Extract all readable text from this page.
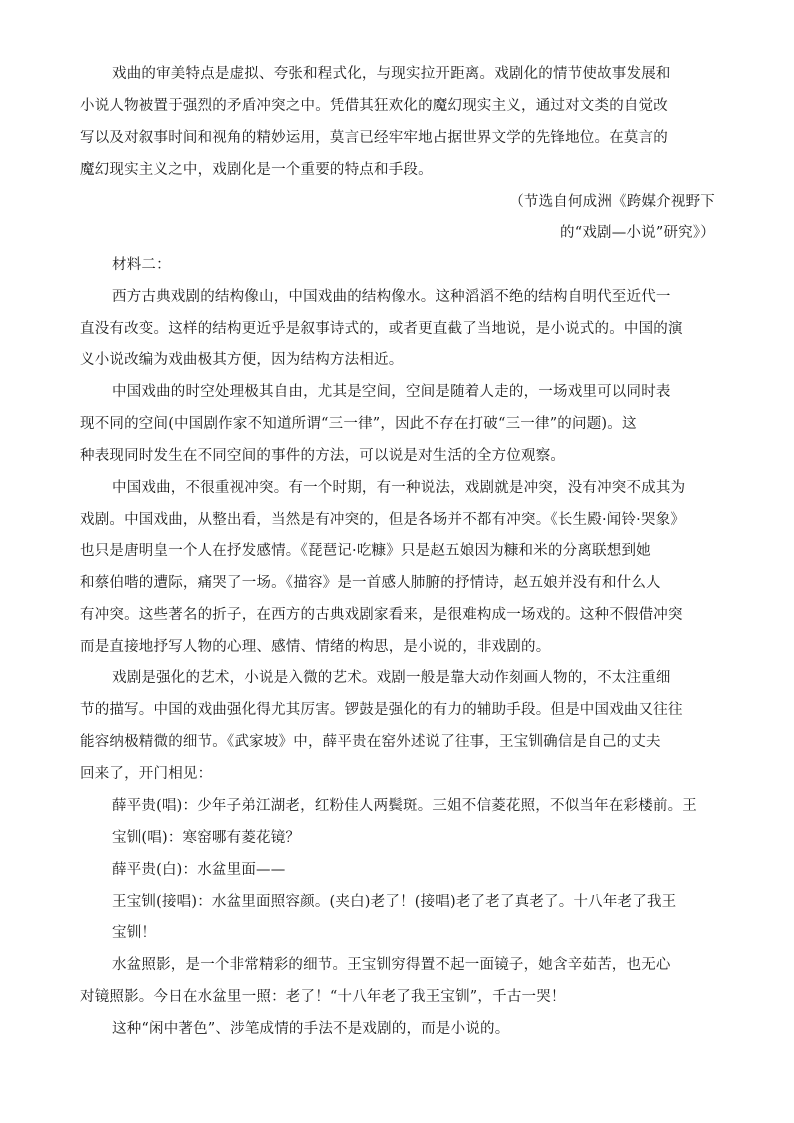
戏曲的审美特点是虚拟、夸张和程式化，与现实拉开距离。戏剧化的情节使故事发展和

小说人物被置于强烈的矛盾冲突之中。凭借其狂欢化的魔幻现实主义，通过对文类的自觉改

写以及对叙事时间和视角的精妙运用，莫言已经牢牢地占据世界文学的先锋地位。在莫言的

魔幻现实主义之中，戏剧化是一个重要的特点和手段。

（节选自何成洲《跨媒介视野下

的“戏剧—小说”研究》）

材料二：

西方古典戏剧的结构像山，中国戏曲的结构像水。这种滔滔不绝的结构自明代至近代一

直没有改变。这样的结构更近乎是叙事诗式的，或者更直截了当地说，是小说式的。中国的演

义小说改编为戏曲极其方便，因为结构方法相近。

中国戏曲的时空处理极其自由，尤其是空间，空间是随着人走的，一场戏里可以同时表

现不同的空间(中国剧作家不知道所谓“三一律”，因此不存在打破“三一律”的问题)。这

种表现同时发生在不同空间的事件的方法，可以说是对生活的全方位观察。

中国戏曲，不很重视冲突。有一个时期，有一种说法，戏剧就是冲突，没有冲突不成其为

戏剧。中国戏曲，从整出看，当然是有冲突的，但是各场并不都有冲突。《长生殿·闻铃·哭象》

也只是唐明皇一个人在抒发感情。《琵琶记·吃糠》只是赵五娘因为糠和米的分离联想到她

和蔡伯喈的遭际，痛哭了一场。《描容》是一首感人肺腑的抒情诗，赵五娘并没有和什么人

有冲突。这些著名的折子，在西方的古典戏剧家看来，是很难构成一场戏的。这种不假借冲突

而是直接地抒写人物的心理、感情、情绪的构思，是小说的，非戏剧的。

戏剧是强化的艺术，小说是入微的艺术。戏剧一般是靠大动作刻画人物的，不太注重细

节的描写。中国的戏曲强化得尤其厉害。锣鼓是强化的有力的辅助手段。但是中国戏曲又往往

能容纳极精微的细节。《武家坡》中，薛平贵在窑外述说了往事，王宝钏确信是自己的丈夫

回来了，开门相见：

薛平贵(唱)：少年子弟江湖老，红粉佳人两鬓斑。三姐不信菱花照，不似当年在彩楼前。王

宝钏(唱)：寒窑哪有菱花镜？

薛平贵(白)：水盆里面——

王宝钏(接唱)：水盆里面照容颜。(夹白)老了！(接唱)老了老了真老了。十八年老了我王

宝钏！

水盆照影，是一个非常精彩的细节。王宝钏穷得置不起一面镜子，她含辛茹苦，也无心

对镜照影。今日在水盆里一照：老了！“十八年老了我王宝钏”，千古一哭！

这种“闲中著色”、涉笔成情的手法不是戏剧的，而是小说的。
